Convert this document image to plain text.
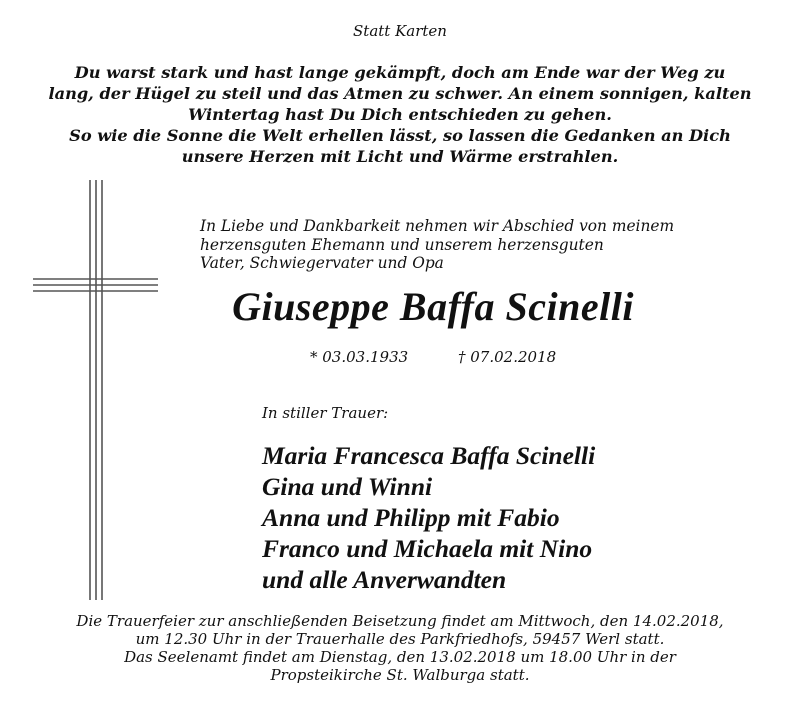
Statt Karten
Du warst stark und hast lange gekämpft, doch am Ende war der Weg zu
lang, der Hügel zu steil und das Atmen zu schwer. An einem sonnigen, kalten
Wintertag hast Du Dich entschieden zu gehen.
So wie die Sonne die Welt erhellen lässt, so lassen die Gedanken an Dich
unsere Herzen mit Licht und Wärme erstrahlen.
In Liebe und Dankbarkeit nehmen wir Abschied von meinem
herzensguten Ehemann und unserem herzensguten
Vater, Schwiegervater und Opa
Giuseppe Baffa Scinelli
* 03.03.1933	† 07.02.2018
In stiller Trauer:
Maria Francesca Baffa Scinelli
Gina und Winni
Anna und Philipp mit Fabio
Franco und Michaela mit Nino
und alle Anverwandten
Die Trauerfeier zur anschließenden Beisetzung findet am Mittwoch, den 14.02.2018,
um 12.30 Uhr in der Trauerhalle des Parkfriedhofs, 59457 Werl statt.
Das Seelenamt findet am Dienstag, den 13.02.2018 um 18.00 Uhr in der
Propsteikirche St. Walburga statt.
